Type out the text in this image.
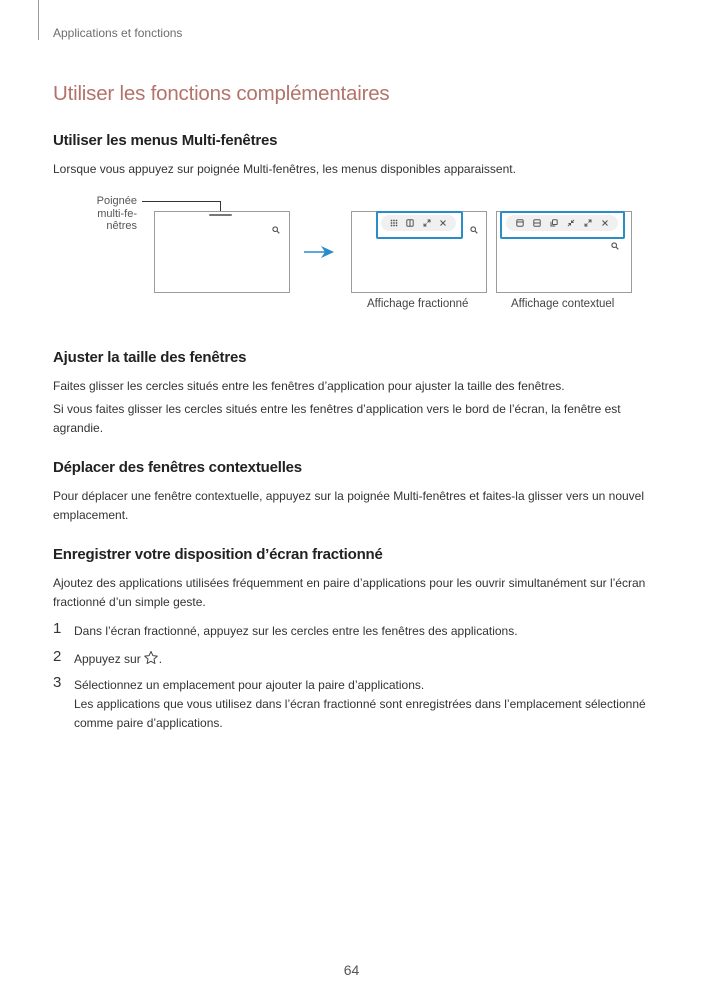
Applications et fonctions
Utiliser les fonctions complémentaires
Utiliser les menus Multi-fenêtres

Lorsque vous appuyez sur poignée Multi-fenêtres, les menus disponibles apparaissent.

Poignée
multi-fe-
nêtres
Affichage fractionné	Affichage contextuel
Ajuster la taille des fenêtres

Faites glisser les cercles situés entre les fenêtres d’application pour ajuster la taille des fenêtres.

Si vous faites glisser les cercles situés entre les fenêtres d’application vers le bord de l’écran, la fenêtre est agrandie.

Déplacer des fenêtres contextuelles

Pour déplacer une fenêtre contextuelle, appuyez sur la poignée Multi-fenêtres et faites-la glisser vers un nouvel emplacement.

Enregistrer votre disposition d’écran fractionné

Ajoutez des applications utilisées fréquemment en paire d’applications pour les ouvrir simultanément sur l’écran fractionné d’un simple geste.

1 Dans l’écran fractionné, appuyez sur les cercles entre les fenêtres des applications.

2 Appuyez sur .

3 Sélectionnez un emplacement pour ajouter la paire d’applications.

Les applications que vous utilisez dans l’écran fractionné sont enregistrées dans l’emplacement sélectionné comme paire d’applications.

64
